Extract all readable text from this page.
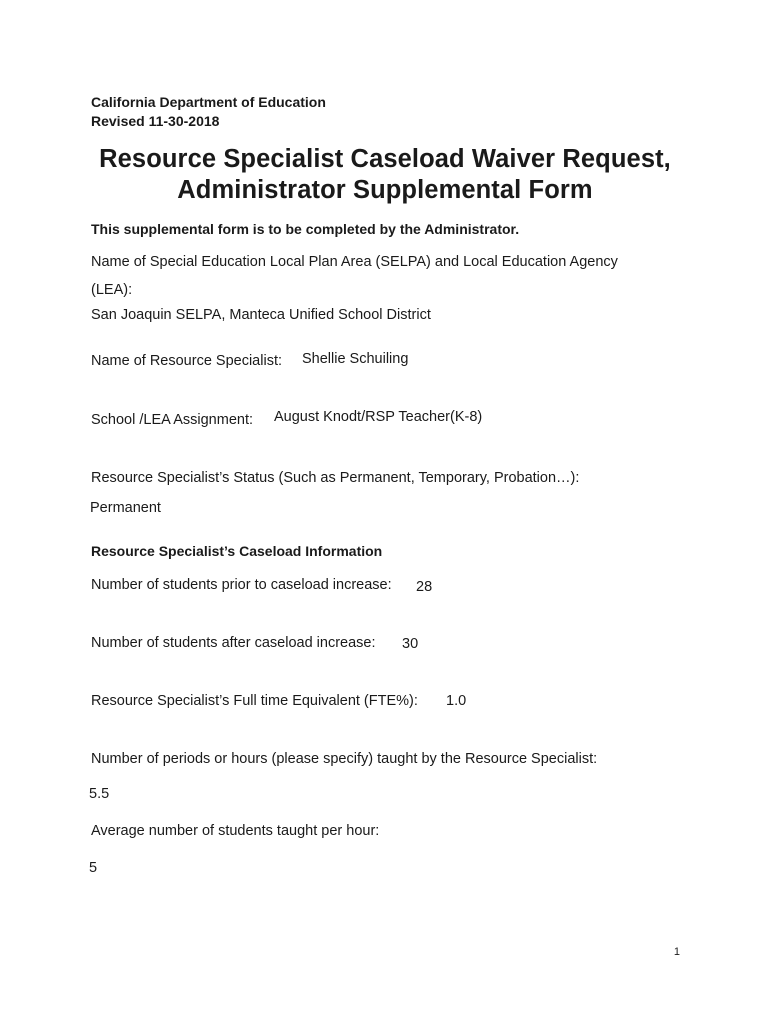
California Department of Education
Revised 11-30-2018
Resource Specialist Caseload Waiver Request,
Administrator Supplemental Form
This supplemental form is to be completed by the Administrator.
Name of Special Education Local Plan Area (SELPA) and Local Education Agency
(LEA):
San Joaquin SELPA, Manteca Unified School District
Name of Resource Specialist: Shellie Schuiling
School /LEA Assignment: August Knodt/RSP Teacher(K-8)
Resource Specialist’s Status (Such as Permanent, Temporary, Probation…):
Permanent
Resource Specialist’s Caseload Information
Number of students prior to caseload increase: 28
Number of students after caseload increase: 30
Resource Specialist’s Full time Equivalent (FTE%): 1.0
Number of periods or hours (please specify) taught by the Resource Specialist:
5.5
Average number of students taught per hour:
5
1
